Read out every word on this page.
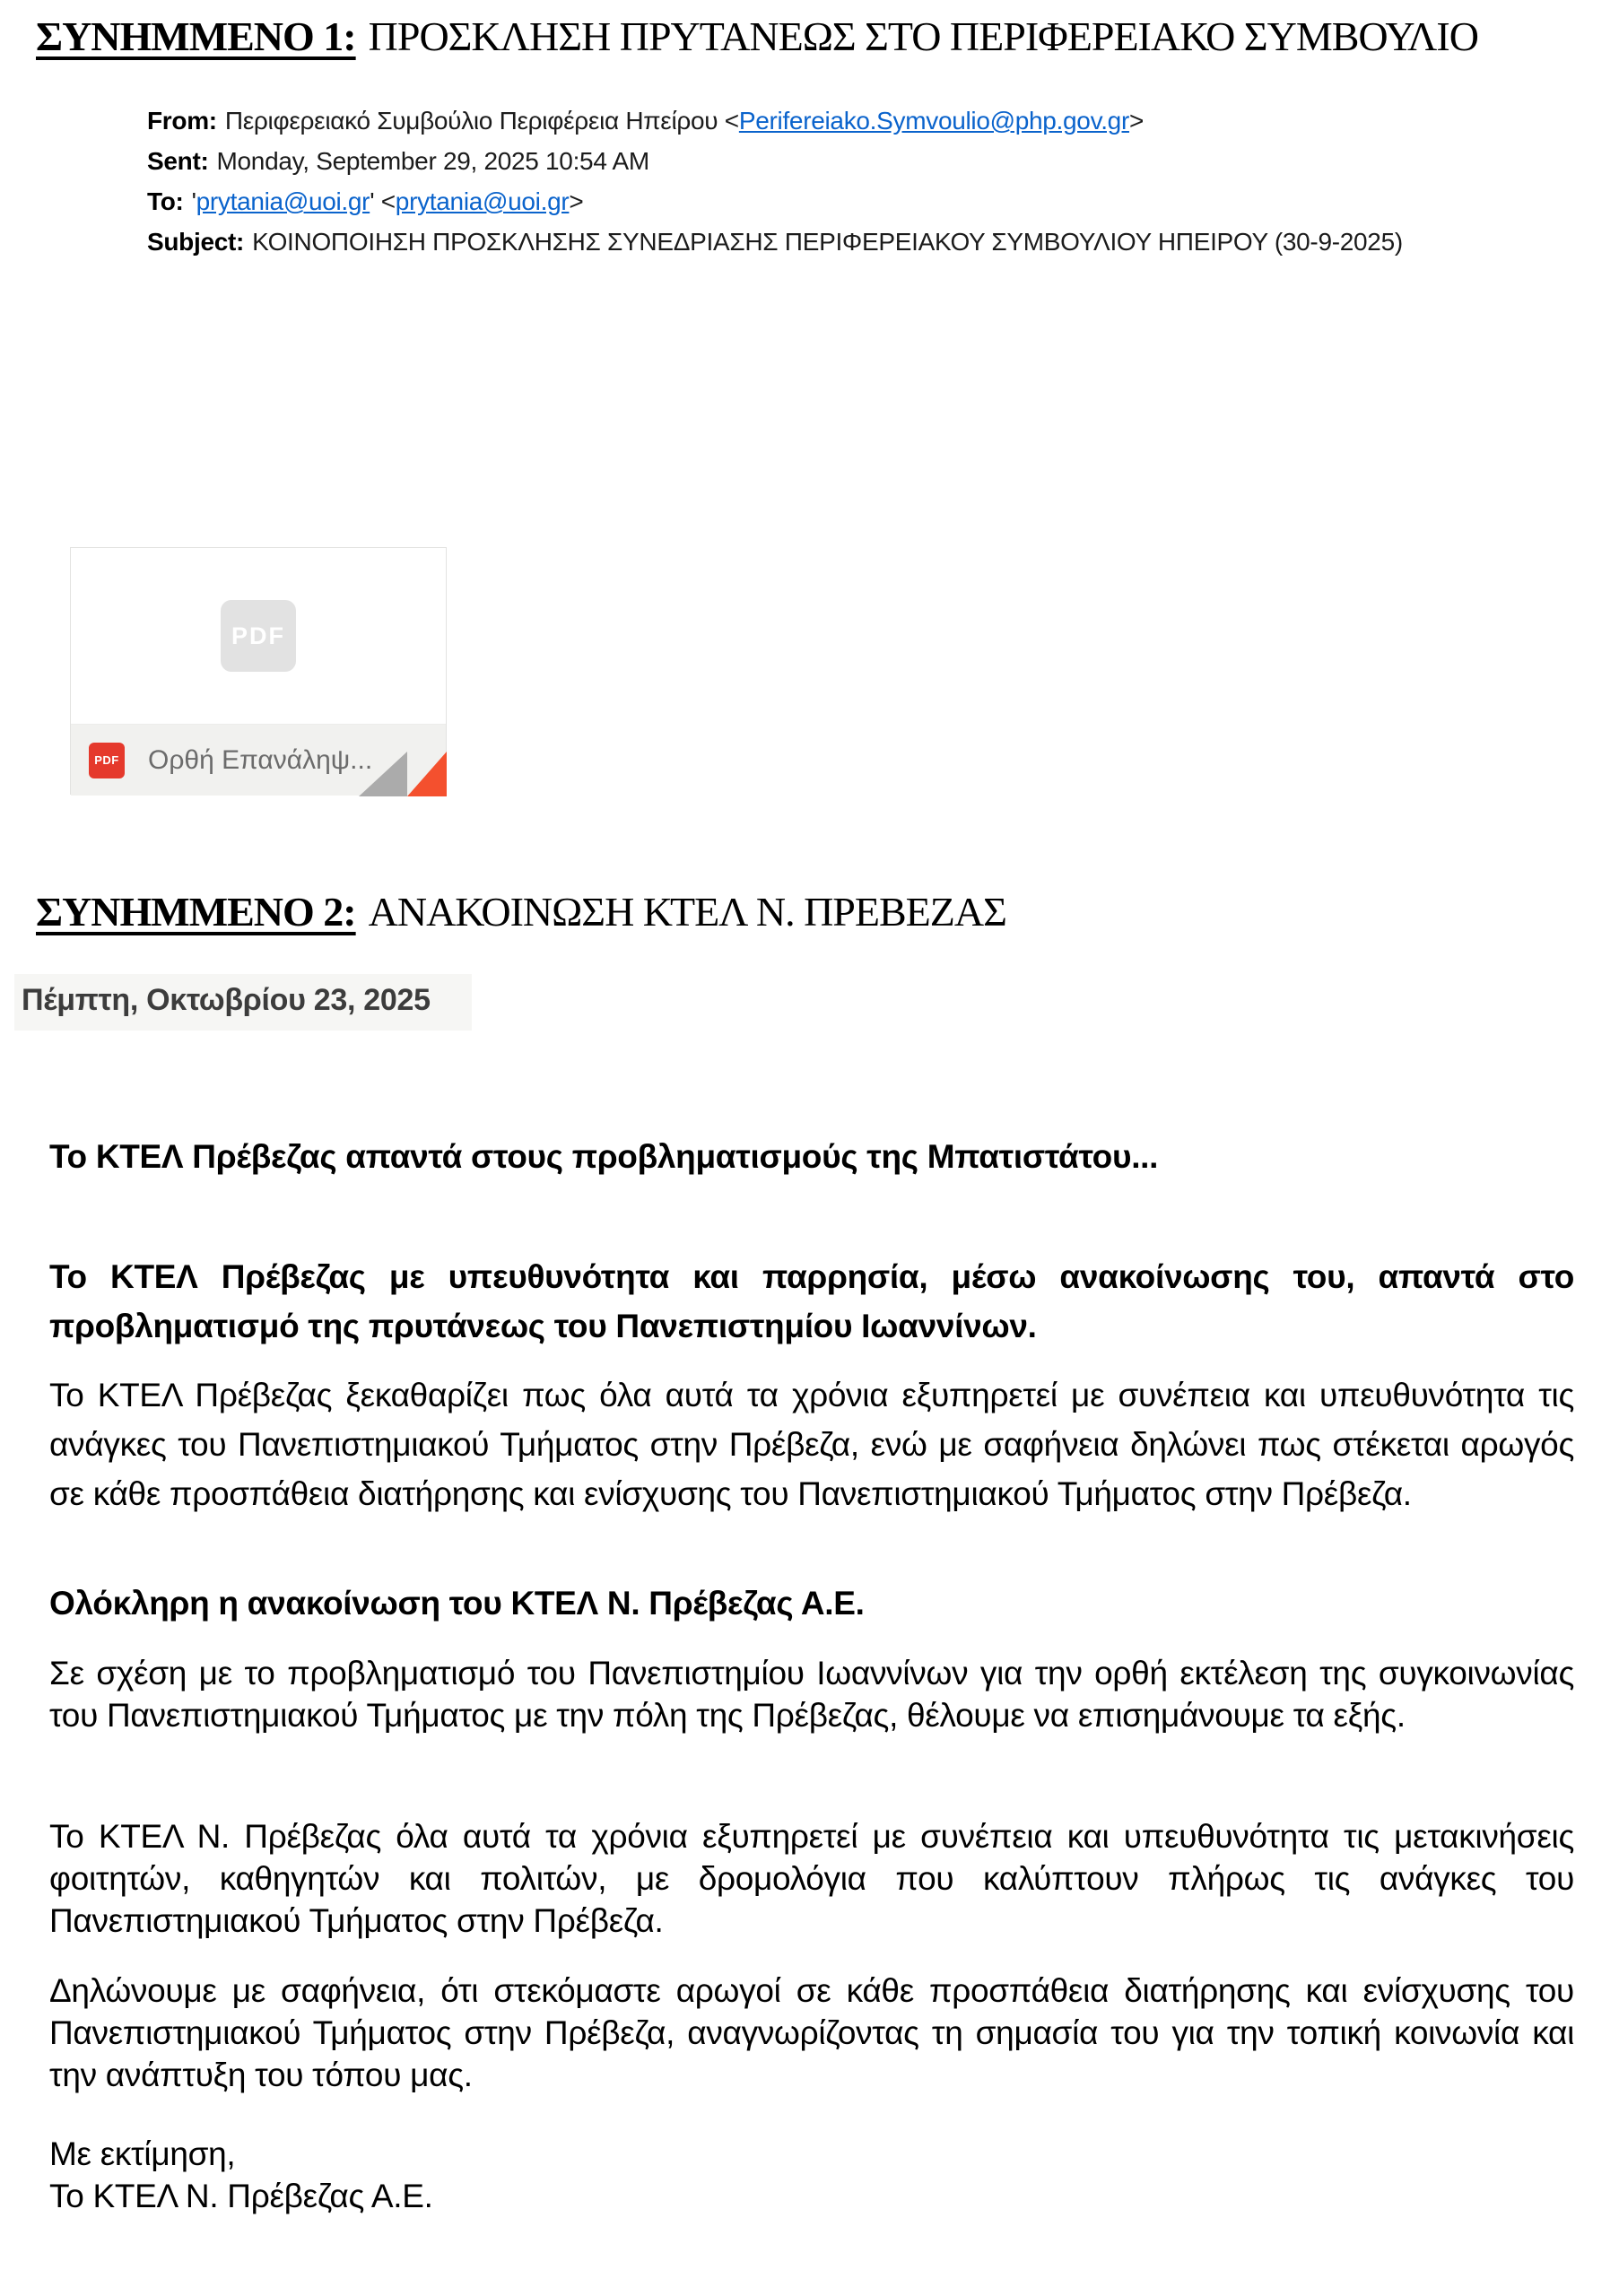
ΣΥΝΗΜΜΕΝΟ 1: ΠΡΟΣΚΛΗΣΗ ΠΡΥΤΑΝΕΩΣ ΣΤΟ ΠΕΡΙΦΕΡΕΙΑΚΟ ΣΥΜΒΟΥΛΙΟ
From: Περιφερειακό Συμβούλιο Περιφέρεια Ηπείρου <Perifereiako.Symvoulio@php.gov.gr>
Sent: Monday, September 29, 2025 10:54 AM
To: 'prytania@uoi.gr' <prytania@uoi.gr>
Subject: ΚΟΙΝΟΠΟΙΗΣΗ ΠΡΟΣΚΛΗΣΗΣ ΣΥΝΕΔΡΙΑΣΗΣ ΠΕΡΙΦΕΡΕΙΑΚΟΥ ΣΥΜΒΟΥΛΙΟΥ ΗΠΕΙΡΟΥ (30-9-2025)
PDF
PDF Ορθή Επανάληψ...
ΣΥΝΗΜΜΕΝΟ 2: ΑΝΑΚΟΙΝΩΣΗ ΚΤΕΛ Ν. ΠΡΕΒΕΖΑΣ
Πέμπτη, Οκτωβρίου 23, 2025

Το ΚΤΕΛ Πρέβεζας απαντά στους προβληματισμούς της Μπατιστάτου...

Το ΚΤΕΛ Πρέβεζας με υπευθυνότητα και παρρησία, μέσω ανακοίνωσης του, απαντά στο προβληματισμό της πρυτάνεως του Πανεπιστημίου Ιωαννίνων.

Το ΚΤΕΛ Πρέβεζας ξεκαθαρίζει πως όλα αυτά τα χρόνια εξυπηρετεί με συνέπεια και υπευθυνότητα τις ανάγκες του Πανεπιστημιακού Τμήματος στην Πρέβεζα, ενώ με σαφήνεια δηλώνει πως στέκεται αρωγός σε κάθε προσπάθεια διατήρησης και ενίσχυσης του Πανεπιστημιακού Τμήματος στην Πρέβεζα.

Ολόκληρη η ανακοίνωση του ΚΤΕΛ Ν. Πρέβεζας Α.Ε.

Σε σχέση με το προβληματισμό του Πανεπιστημίου Ιωαννίνων για την ορθή εκτέλεση της συγκοινωνίας του Πανεπιστημιακού Τμήματος με την πόλη της Πρέβεζας, θέλουμε να επισημάνουμε τα εξής.

Το ΚΤΕΛ Ν. Πρέβεζας όλα αυτά τα χρόνια εξυπηρετεί με συνέπεια και υπευθυνότητα τις μετακινήσεις φοιτητών, καθηγητών και πολιτών, με δρομολόγια που καλύπτουν πλήρως τις ανάγκες του Πανεπιστημιακού Τμήματος στην Πρέβεζα.

Δηλώνουμε με σαφήνεια, ότι στεκόμαστε αρωγοί σε κάθε προσπάθεια διατήρησης και ενίσχυσης του Πανεπιστημιακού Τμήματος στην Πρέβεζα, αναγνωρίζοντας τη σημασία του για την τοπική κοινωνία και την ανάπτυξη του τόπου μας.

Με εκτίμηση,
Το ΚΤΕΛ Ν. Πρέβεζας Α.Ε.
